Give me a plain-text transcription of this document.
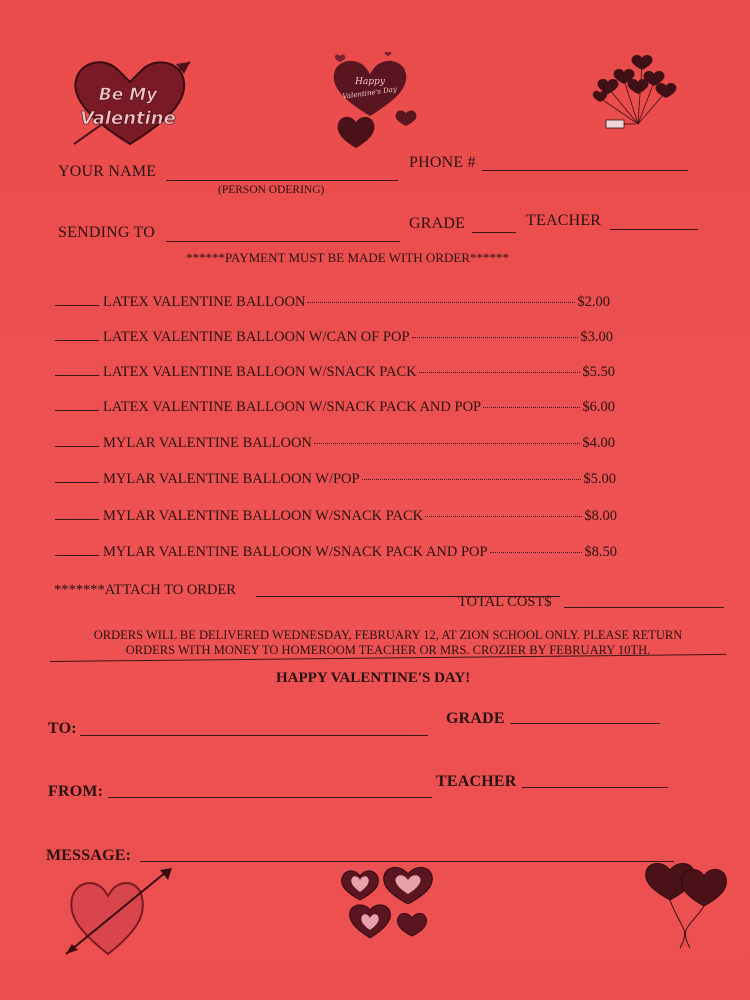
Be My
Valentine
Happy
Valentine's Day
YOUR NAME
(PERSON ODERING)
PHONE #
SENDING TO
GRADE	TEACHER
******PAYMENT MUST BE MADE WITH ORDER******
LATEX VALENTINE BALLOON	$2.00
LATEX VALENTINE BALLOON W/CAN OF POP	$3.00
LATEX VALENTINE BALLOON W/SNACK PACK	$5.50
LATEX VALENTINE BALLOON W/SNACK PACK AND POP	$6.00
MYLAR VALENTINE BALLOON	$4.00
MYLAR VALENTINE BALLOON W/POP	$5.00
MYLAR VALENTINE BALLOON W/SNACK PACK	$8.00
MYLAR VALENTINE BALLOON W/SNACK PACK AND POP	$8.50
*******ATTACH TO ORDER
TOTAL COST$
ORDERS WILL BE DELIVERED WEDNESDAY, FEBRUARY 12, AT ZION SCHOOL ONLY. PLEASE RETURN
ORDERS WITH MONEY TO HOMEROOM TEACHER OR MRS. CROZIER BY FEBRUARY 10TH.
HAPPY VALENTINE'S DAY!
TO:
GRADE
FROM:
TEACHER
MESSAGE:
